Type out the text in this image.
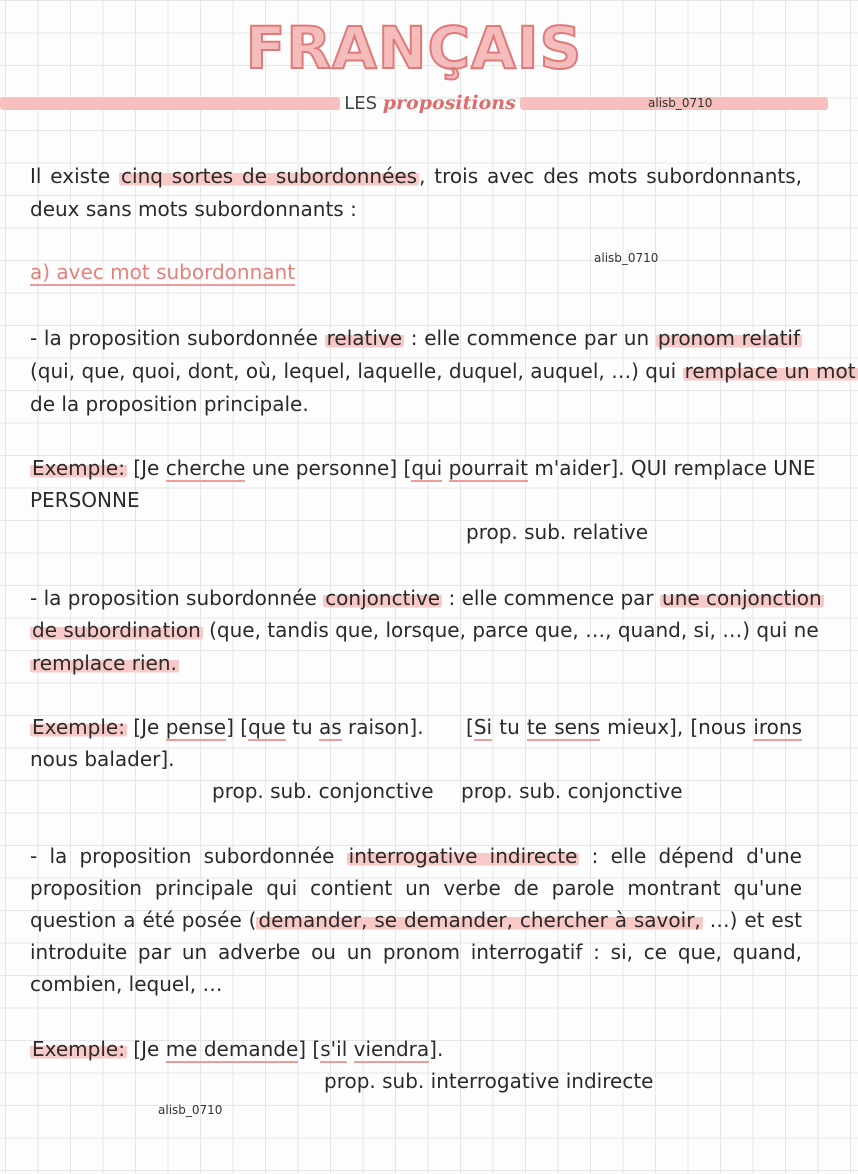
FRANÇAIS
LES propositions	alisb_0710
Il existe cinq sortes de subordonnées , trois avec des mots subordonnants,
deux sans mots subordonnants :
alisb_0710
a) avec mot subordonnant
- la proposition subordonnée relative : elle commence par un pronom relatif
(qui, que, quoi, dont, où, lequel, laquelle, duquel, auquel, …) qui remplace un mot
de la proposition principale.
Exemple: [Je cherche une personne] [qui pourrait m'aider]. QUI remplace UNE
PERSONNE
prop. sub. relative
- la proposition subordonnée conjonctive : elle commence par une conjonction
de subordination (que, tandis que, lorsque, parce que, …, quand, si, …) qui ne
remplace rien.
Exemple: [Je pense] [que tu as raison].	[Si tu te sens mieux], [nous irons
nous balader].
prop. sub. conjonctive	prop. sub. conjonctive
- la proposition subordonnée interrogative indirecte : elle dépend d'une
proposition principale qui contient un verbe de parole montrant qu'une
question a été posée ( demander, se demander, chercher à savoir, …) et est
introduite par un adverbe ou un pronom interrogatif : si, ce que, quand,
combien, lequel, …
Exemple: [Je me demande] [s'il viendra].
prop. sub. interrogative indirecte
alisb_0710
